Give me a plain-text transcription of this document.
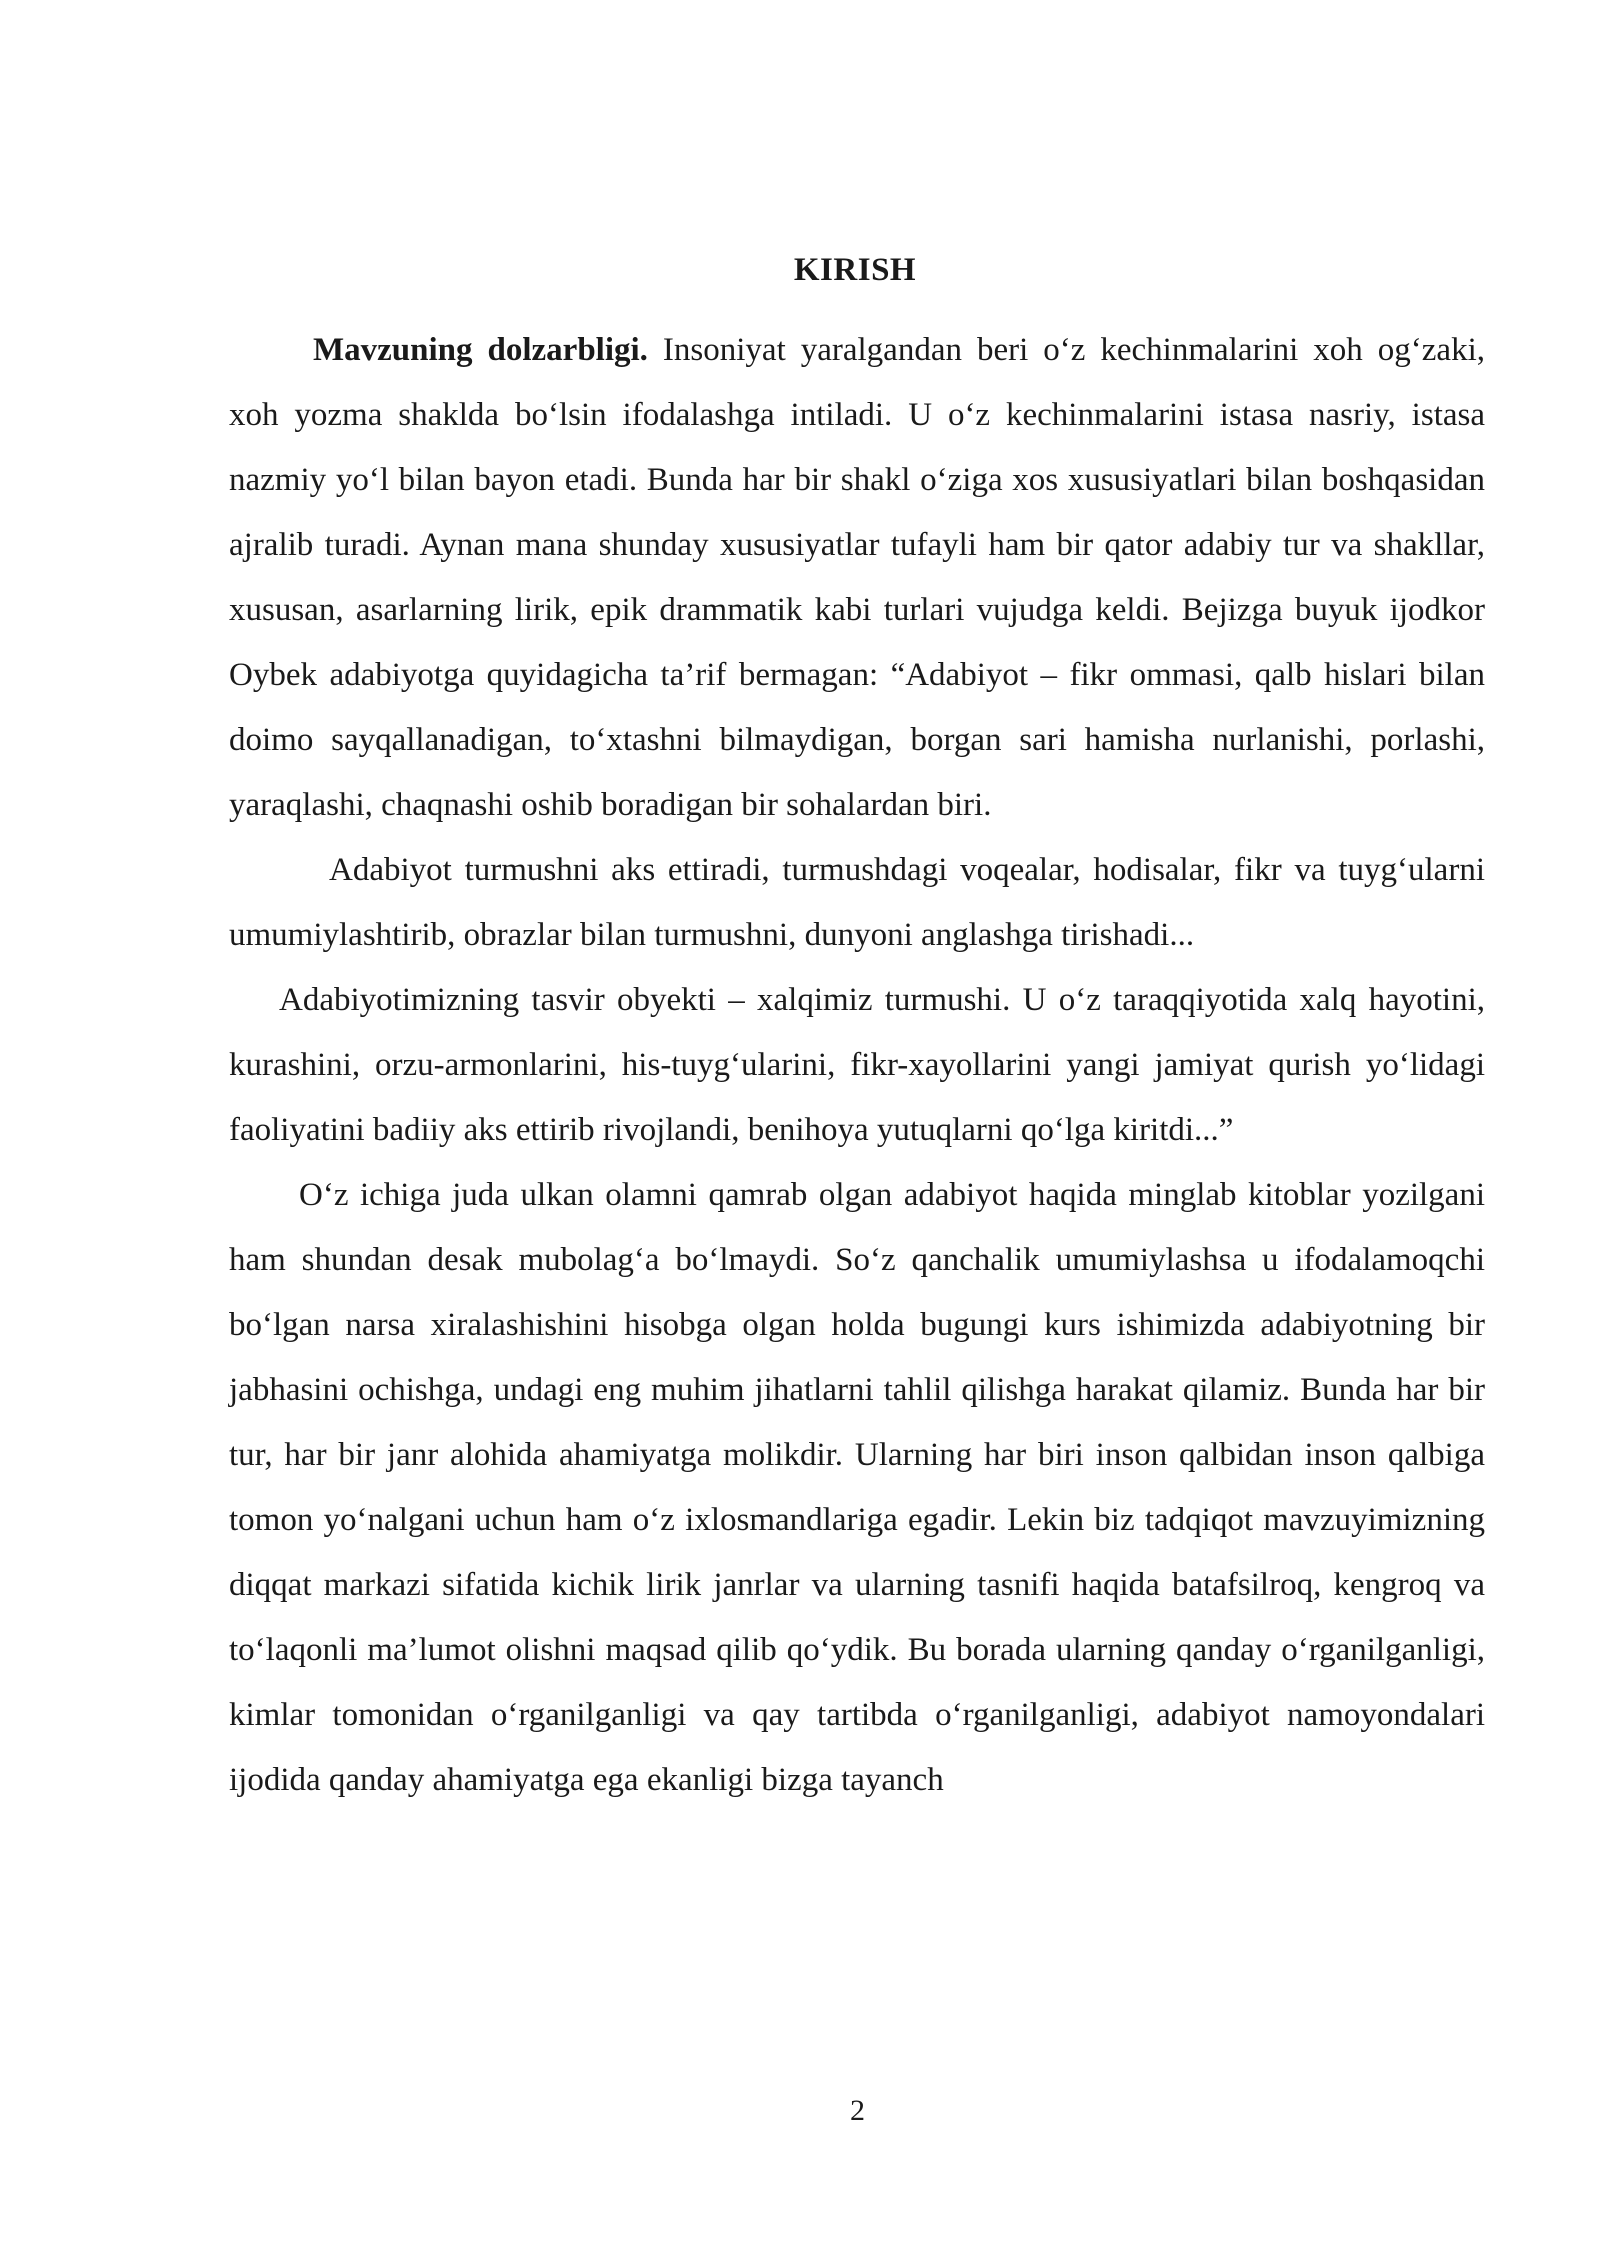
KIRISH

Mavzuning dolzarbligi. Insoniyat yaralgandan beri oʻz kechinmalarini xoh ogʻzaki, xoh yozma shaklda boʻlsin ifodalashga intiladi. U oʻz kechinmalarini istasa nasriy, istasa nazmiy yoʻl bilan bayon etadi. Bunda har bir shakl oʻziga xos xususiyatlari bilan boshqasidan ajralib turadi. Aynan mana shunday xususiyatlar tufayli ham bir qator adabiy tur va shakllar, xususan, asarlarning lirik, epik drammatik kabi turlari vujudga keldi. Bejizga buyuk ijodkor Oybek adabiyotga quyidagicha ta’rif bermagan: “Adabiyot – fikr ommasi, qalb hislari bilan doimo sayqallanadigan, toʻxtashni bilmaydigan, borgan sari hamisha nurlanishi, porlashi, yaraqlashi, chaqnashi oshib boradigan bir sohalardan biri.

Adabiyot turmushni aks ettiradi, turmushdagi voqealar, hodisalar, fikr va tuygʻularni umumiylashtirib, obrazlar bilan turmushni, dunyoni anglashga tirishadi...

Adabiyotimizning tasvir obyekti – xalqimiz turmushi. U oʻz taraqqiyotida xalq hayotini, kurashini, orzu-armonlarini, his-tuygʻularini, fikr-xayollarini yangi jamiyat qurish yoʻlidagi faoliyatini badiiy aks ettirib rivojlandi, benihoya yutuqlarni qoʻlga kiritdi...”

Oʻz ichiga juda ulkan olamni qamrab olgan adabiyot haqida minglab kitoblar yozilgani ham shundan desak mubolagʻa boʻlmaydi. Soʻz qanchalik umumiylashsa u ifodalamoqchi boʻlgan narsa xiralashishini hisobga olgan holda bugungi kurs ishimizda adabiyotning bir jabhasini ochishga, undagi eng muhim jihatlarni tahlil qilishga harakat qilamiz. Bunda har bir tur, har bir janr alohida ahamiyatga molikdir. Ularning har biri inson qalbidan inson qalbiga tomon yoʻnalgani uchun ham oʻz ixlosmandlariga egadir. Lekin biz tadqiqot mavzuyimizning diqqat markazi sifatida kichik lirik janrlar va ularning tasnifi haqida batafsilroq, kengroq va toʻlaqonli ma’lumot olishni maqsad qilib qoʻydik. Bu borada ularning qanday oʻrganilganligi, kimlar tomonidan oʻrganilganligi va qay tartibda oʻrganilganligi, adabiyot namoyondalari ijodida qanday ahamiyatga ega ekanligi bizga tayanch

2
